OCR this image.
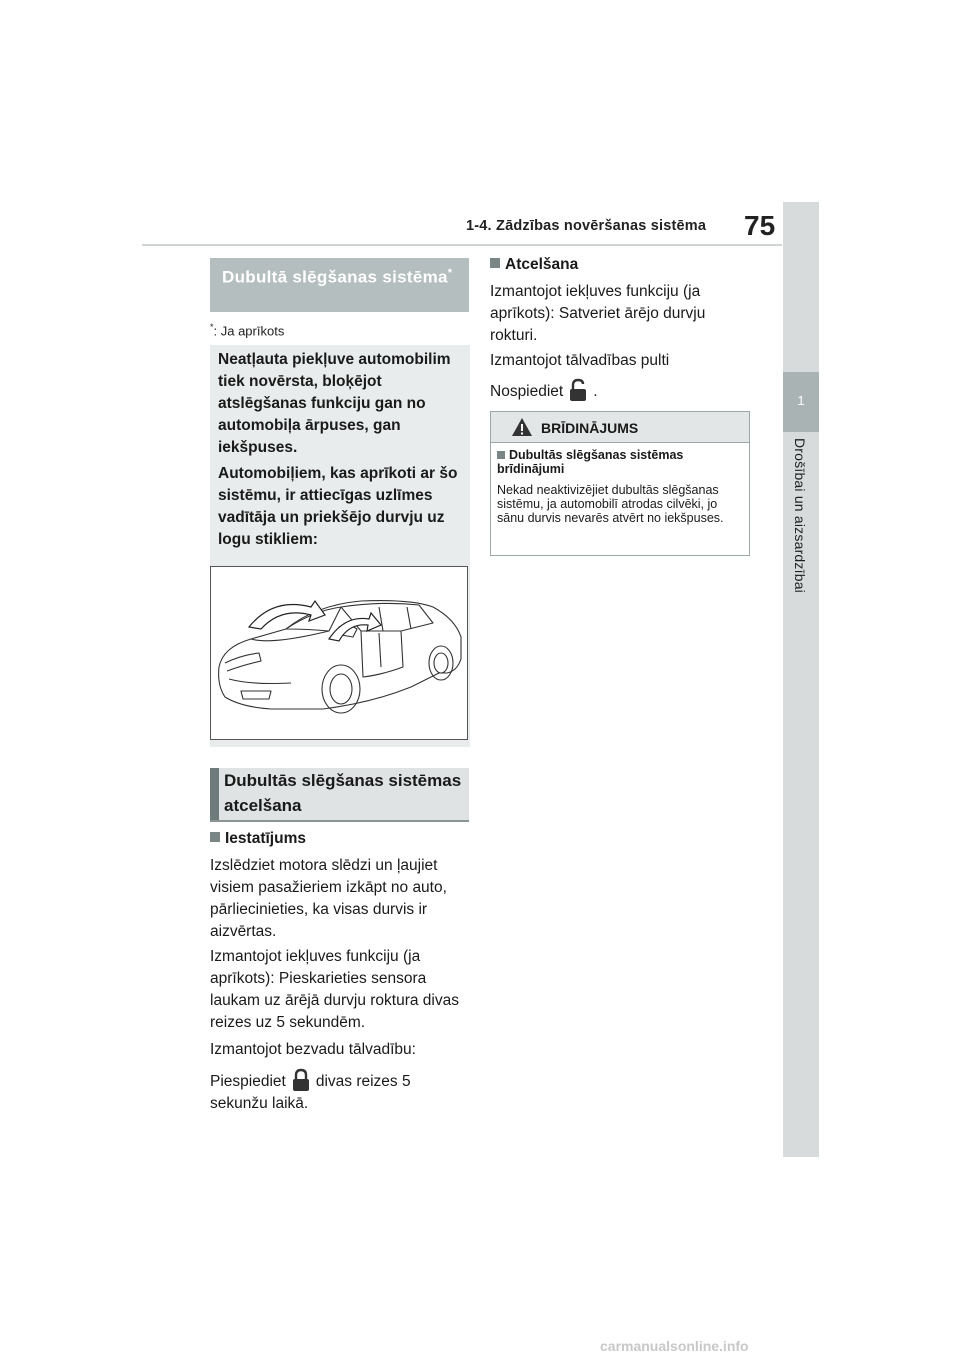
1-4. Zādzības novēršanas sistēma 75
1
Drošībai un aizsardzībai
Dubultā slēgšanas sistēma*
*: Ja aprīkots
Neatļauta piekļuve automobilim tiek novērsta, bloķējot atslēgšanas funkciju gan no automobiļa ārpuses, gan iekšpuses.
Automobiļiem, kas aprīkoti ar šo sistēmu, ir attiecīgas uzlīmes vadītāja un priekšējo durvju uz logu stikliem:
Dubultās slēgšanas sistēmas atcelšana
Iestatījums
Izslēdziet motora slēdzi un ļaujiet visiem pasažieriem izkāpt no auto, pārliecinieties, ka visas durvis ir aizvērtas.
Izmantojot iekļuves funkciju (ja aprīkots): Pieskarieties sensora laukam uz ārējā durvju roktura divas reizes uz 5 sekundēm.
Izmantojot bezvadu tālvadību:
Piespiediet divas reizes 5
sekunžu laikā.
Atcelšana
Izmantojot iekļuves funkciju (ja aprīkots): Satveriet ārējo durvju rokturi.
Izmantojot tālvadības pulti
Nospiediet .
BRĪDINĀJUMS
Dubultās slēgšanas sistēmas brīdinājumi
Nekad neaktivizējiet dubultās slēgšanas sistēmu, ja automobilī atrodas cilvēki, jo sānu durvis nevarēs atvērt no iekšpuses.
carmanualsonline.info
